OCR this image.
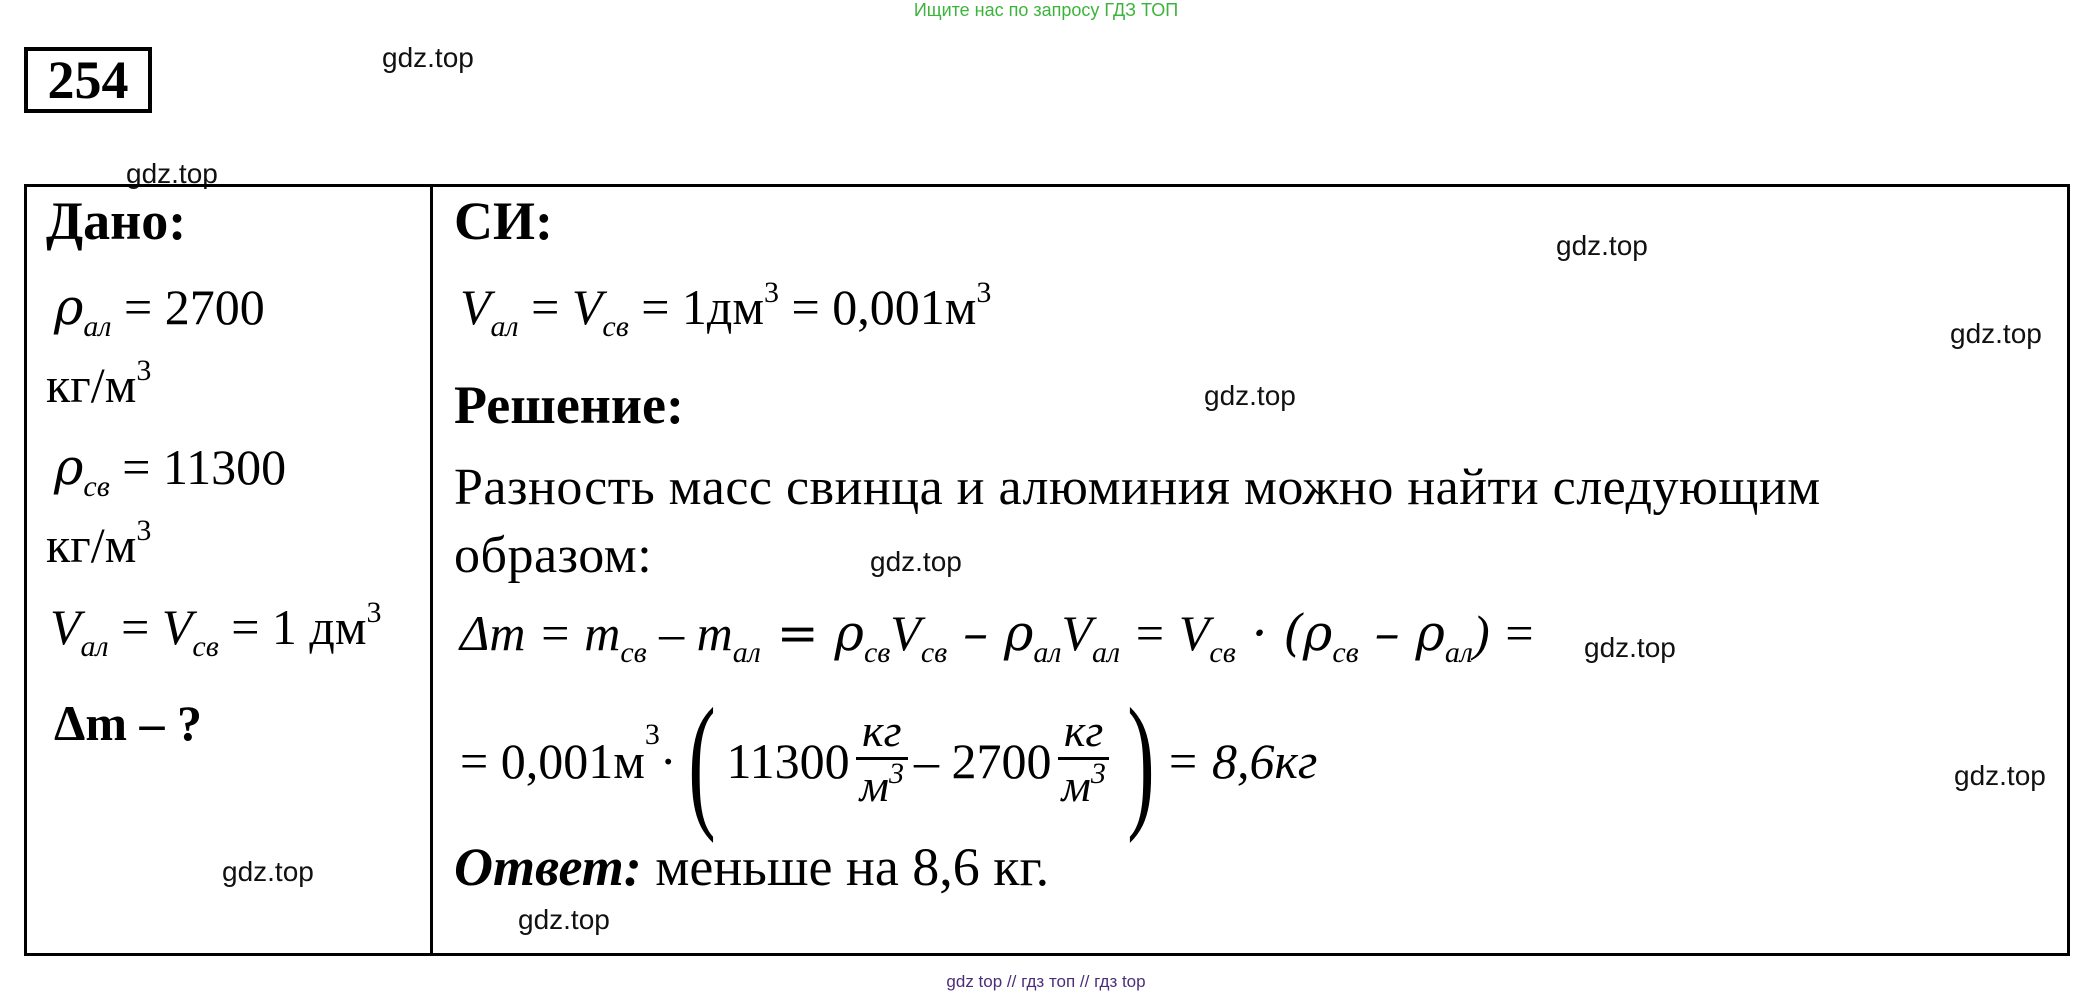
Ищите нас по запросу ГДЗ ТОП
254	gdz.top
gdz.top
gdz.top
gdz.top
gdz.top
gdz.top
gdz.top
gdz.top
gdz.top
gdz.top
Дано:
$\rho_{ал} = 2700$
$кг/м^3$
$\rho_{св} = 11300$
$кг/м^3$
$V_{ал} = V_{св} = 1$ $дм^3$
Δm – ?
СИ:
$V_{ал} = V_{св} = 1дм^3 = 0,001м^3$
Решение:
Разность масс свинца и алюминия можно найти следующим
образом:
$\Delta m = m_{св} - m_{ал} = \rho_{св}V_{св} - \rho_{ал}V_{ал} = V_{св} \cdot (\rho_{св} - \rho_{ал})$ =
= 0,001м 3 · ( $11300 \frac{кг}{м^3} - 2700 \frac{кг}{м^3}$ ) = 8,6кг
Ответ: меньше на 8,6 кг.
gdz top // гдз топ // гдз top
